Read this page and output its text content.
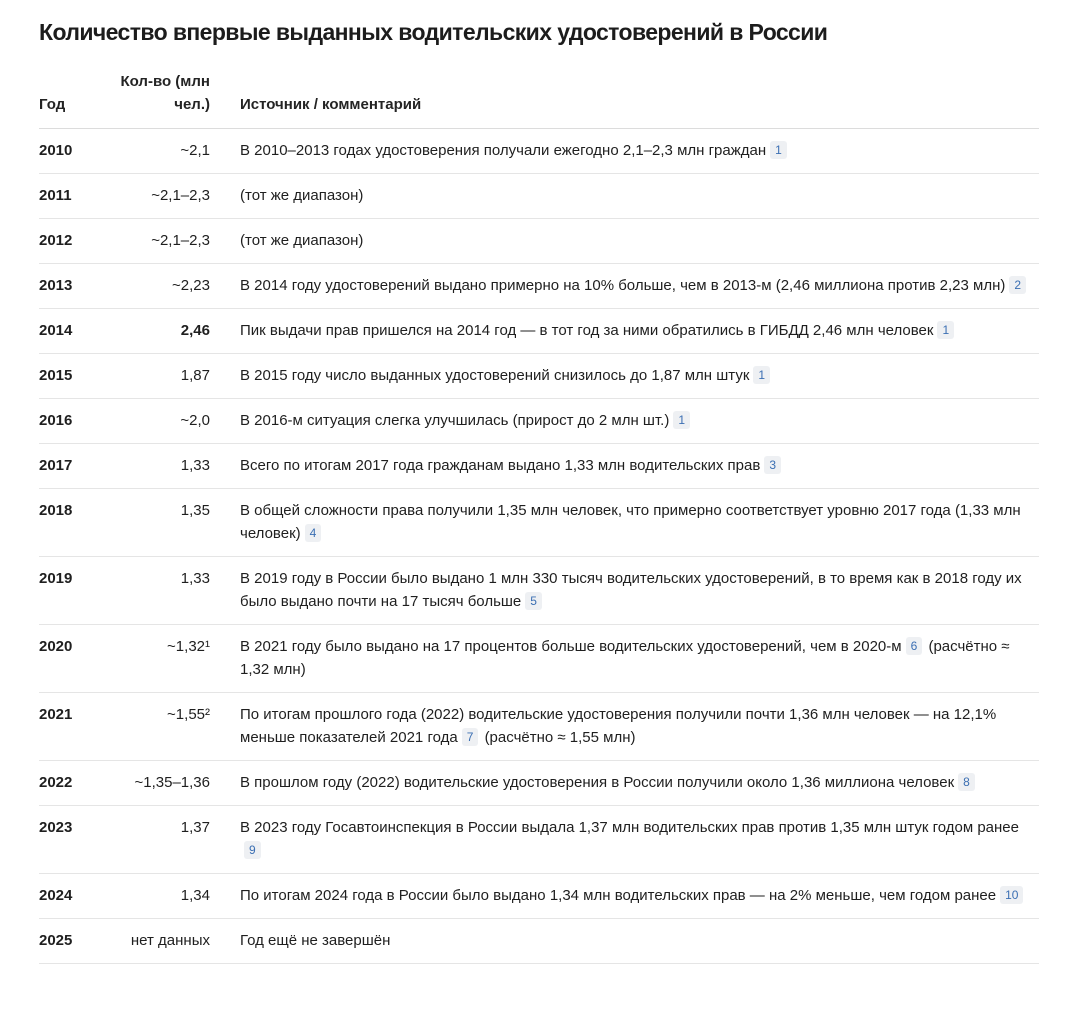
Количество впервые выданных водительских удостоверений в России
Год	Кол-во (млн чел.)	Источник / комментарий
2010	~2,1	В 2010–2013 годах удостоверения получали ежегодно 2,1–2,3 млн граждан 1
2011	~2,1–2,3	(тот же диапазон)
2012	~2,1–2,3	(тот же диапазон)
2013	~2,23	В 2014 году удостоверений выдано примерно на 10% больше, чем в 2013-м (2,46 миллиона против 2,23 млн) 2
2014	2,46	Пик выдачи прав пришелся на 2014 год — в тот год за ними обратились в ГИБДД 2,46 млн человек 1
2015	1,87	В 2015 году число выданных удостоверений снизилось до 1,87 млн штук 1
2016	~2,0	В 2016-м ситуация слегка улучшилась (прирост до 2 млн шт.) 1
2017	1,33	Всего по итогам 2017 года гражданам выдано 1,33 млн водительских прав 3
2018	1,35	В общей сложности права получили 1,35 млн человек, что примерно соответствует уровню 2017 года (1,33 млн человек) 4
2019	1,33	В 2019 году в России было выдано 1 млн 330 тысяч водительских удостоверений, в то время как в 2018 году их было выдано почти на 17 тысяч больше 5
2020	~1,32¹	В 2021 году было выдано на 17 процентов больше водительских удостоверений, чем в 2020-м 6 (расчётно ≈ 1,32 млн)
2021	~1,55²	По итогам прошлого года (2022) водительские удостоверения получили почти 1,36 млн человек — на 12,1% меньше показателей 2021 года 7 (расчётно ≈ 1,55 млн)
2022	~1,35–1,36	В прошлом году (2022) водительские удостоверения в России получили около 1,36 миллиона человек 8
2023	1,37	В 2023 году Госавтоинспекция в России выдала 1,37 млн водительских прав против 1,35 млн штук годом ранее9
2024	1,34	По итогам 2024 года в России было выдано 1,34 млн водительских прав — на 2% меньше, чем годом ранее 10
2025	нет данных	Год ещё не завершён
